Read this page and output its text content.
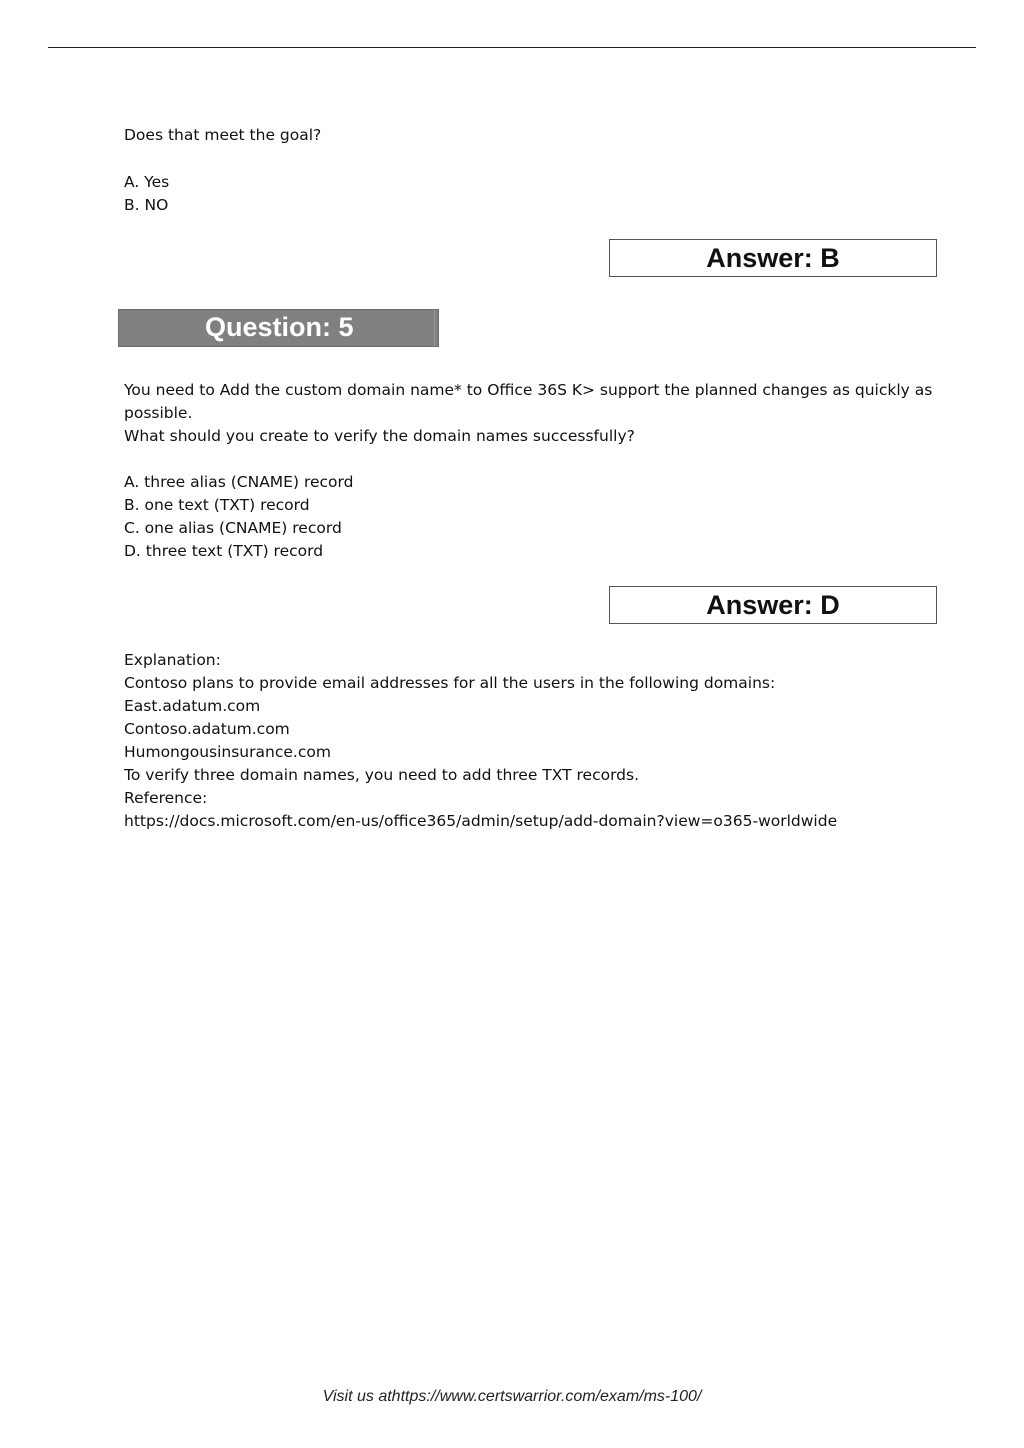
Does that meet the goal?
A. Yes
B. NO
Answer: B
Question: 5
You need to Add the custom domain name* to Office 36S K> support the planned changes as quickly as
possible.
What should you create to verify the domain names successfully?
A. three alias (CNAME) record
B. one text (TXT) record
C. one alias (CNAME) record
D. three text (TXT) record
Answer: D
Explanation:
Contoso plans to provide email addresses for all the users in the following domains:
East.adatum.com
Contoso.adatum.com
Humongousinsurance.com
To verify three domain names, you need to add three TXT records.
Reference:
https://docs.microsoft.com/en-us/office365/admin/setup/add-domain?view=o365-worldwide
Visit us athttps://www.certswarrior.com/exam/ms-100/
